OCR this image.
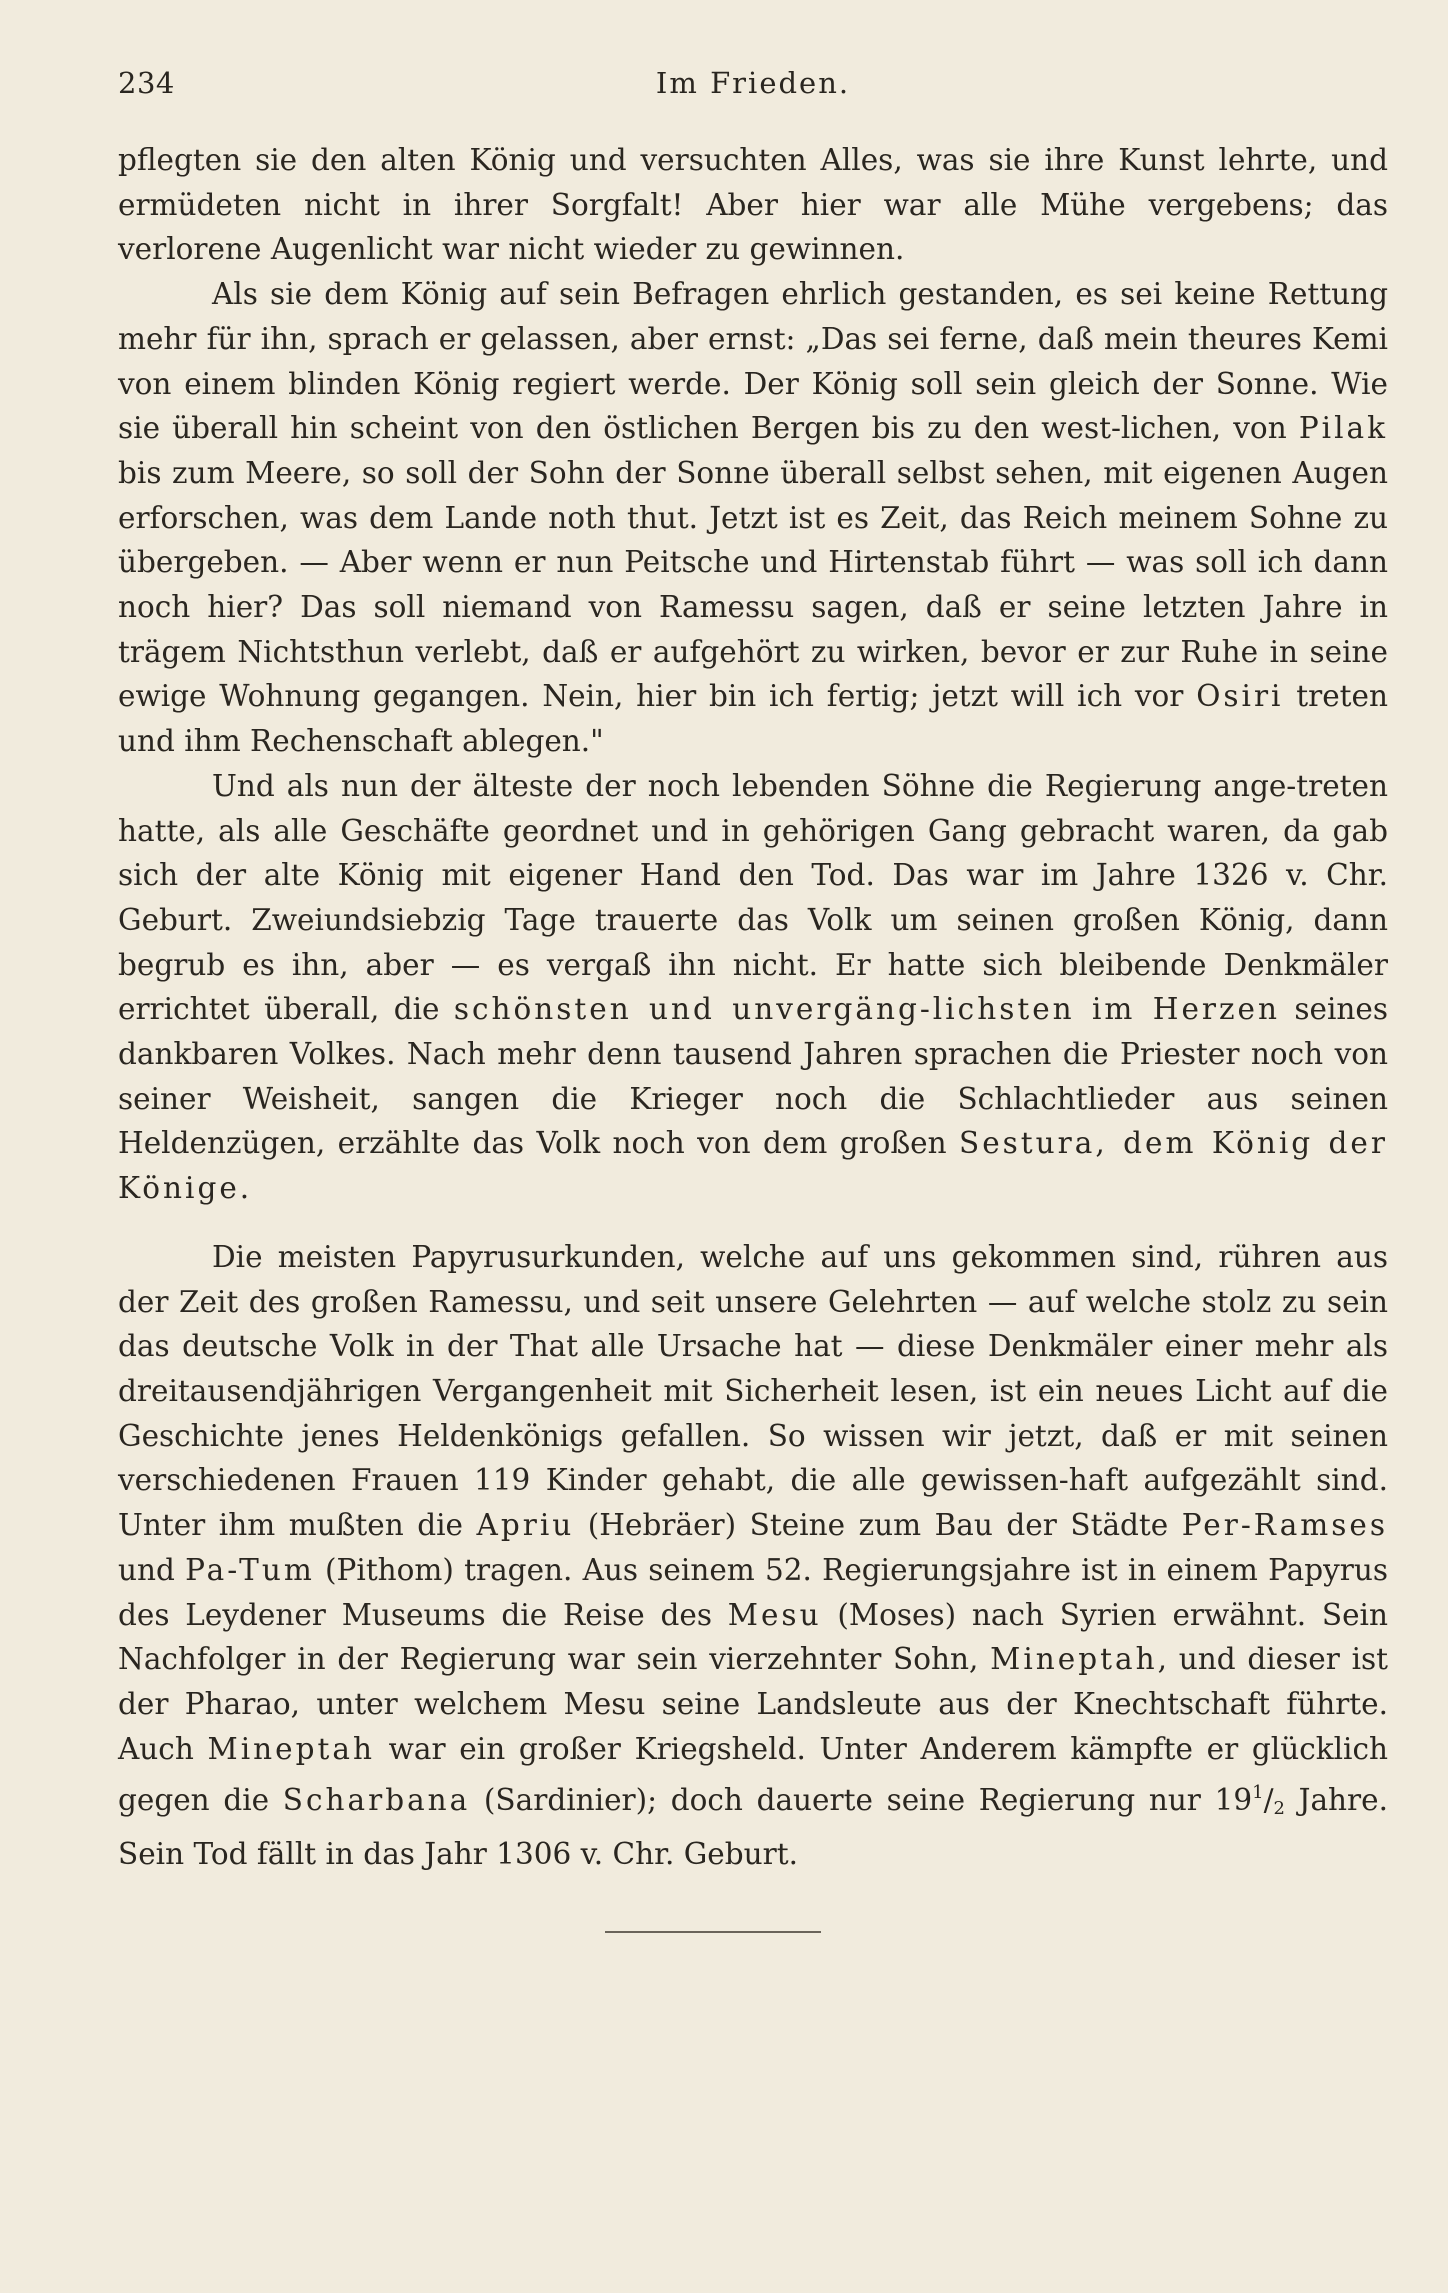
234	Im Frieden.

pflegten sie den alten König und versuchten Alles, was sie ihre Kunst lehrte, und ermüdeten nicht in ihrer Sorgfalt! Aber hier war alle Mühe vergebens; das verlorene Augenlicht war nicht wieder zu gewinnen.

Als sie dem König auf sein Befragen ehrlich gestanden, es sei keine Rettung mehr für ihn, sprach er gelassen, aber ernst: „Das sei ferne, daß mein theures Kemi von einem blinden König regiert werde. Der König soll sein gleich der Sonne. Wie sie überall hin scheint von den östlichen Bergen bis zu den west-lichen, von Pilak bis zum Meere, so soll der Sohn der Sonne überall selbst sehen, mit eigenen Augen erforschen, was dem Lande noth thut. Jetzt ist es Zeit, das Reich meinem Sohne zu übergeben. — Aber wenn er nun Peitsche und Hirtenstab führt — was soll ich dann noch hier? Das soll niemand von Ramessu sagen, daß er seine letzten Jahre in trägem Nichtsthun verlebt, daß er aufgehört zu wirken, bevor er zur Ruhe in seine ewige Wohnung gegangen. Nein, hier bin ich fertig; jetzt will ich vor Osiri treten und ihm Rechenschaft ablegen."

Und als nun der älteste der noch lebenden Söhne die Regierung ange-treten hatte, als alle Geschäfte geordnet und in gehörigen Gang gebracht waren, da gab sich der alte König mit eigener Hand den Tod. Das war im Jahre 1326 v. Chr. Geburt. Zweiundsiebzig Tage trauerte das Volk um seinen großen König, dann begrub es ihn, aber — es vergaß ihn nicht. Er hatte sich bleibende Denkmäler errichtet überall, die schönsten und unvergäng-lichsten im Herzen seines dankbaren Volkes. Nach mehr denn tausend Jahren sprachen die Priester noch von seiner Weisheit, sangen die Krieger noch die Schlachtlieder aus seinen Heldenzügen, erzählte das Volk noch von dem großen Sestura, dem König der Könige.

Die meisten Papyrusurkunden, welche auf uns gekommen sind, rühren aus der Zeit des großen Ramessu, und seit unsere Gelehrten — auf welche stolz zu sein das deutsche Volk in der That alle Ursache hat — diese Denkmäler einer mehr als dreitausendjährigen Vergangenheit mit Sicherheit lesen, ist ein neues Licht auf die Geschichte jenes Heldenkönigs gefallen. So wissen wir jetzt, daß er mit seinen verschiedenen Frauen 119 Kinder gehabt, die alle gewissen-haft aufgezählt sind. Unter ihm mußten die Apriu (Hebräer) Steine zum Bau der Städte Per-Ramses und Pa-Tum (Pithom) tragen. Aus seinem 52. Regierungsjahre ist in einem Papyrus des Leydener Museums die Reise des Mesu (Moses) nach Syrien erwähnt. Sein Nachfolger in der Regierung war sein vierzehnter Sohn, Mineptah, und dieser ist der Pharao, unter welchem Mesu seine Landsleute aus der Knechtschaft führte. Auch Mineptah war ein großer Kriegsheld. Unter Anderem kämpfte er glücklich gegen die Scharbana (Sardinier); doch dauerte seine Regierung nur $19^1/_2$ Jahre. Sein Tod fällt in das Jahr 1306 v. Chr. Geburt.
